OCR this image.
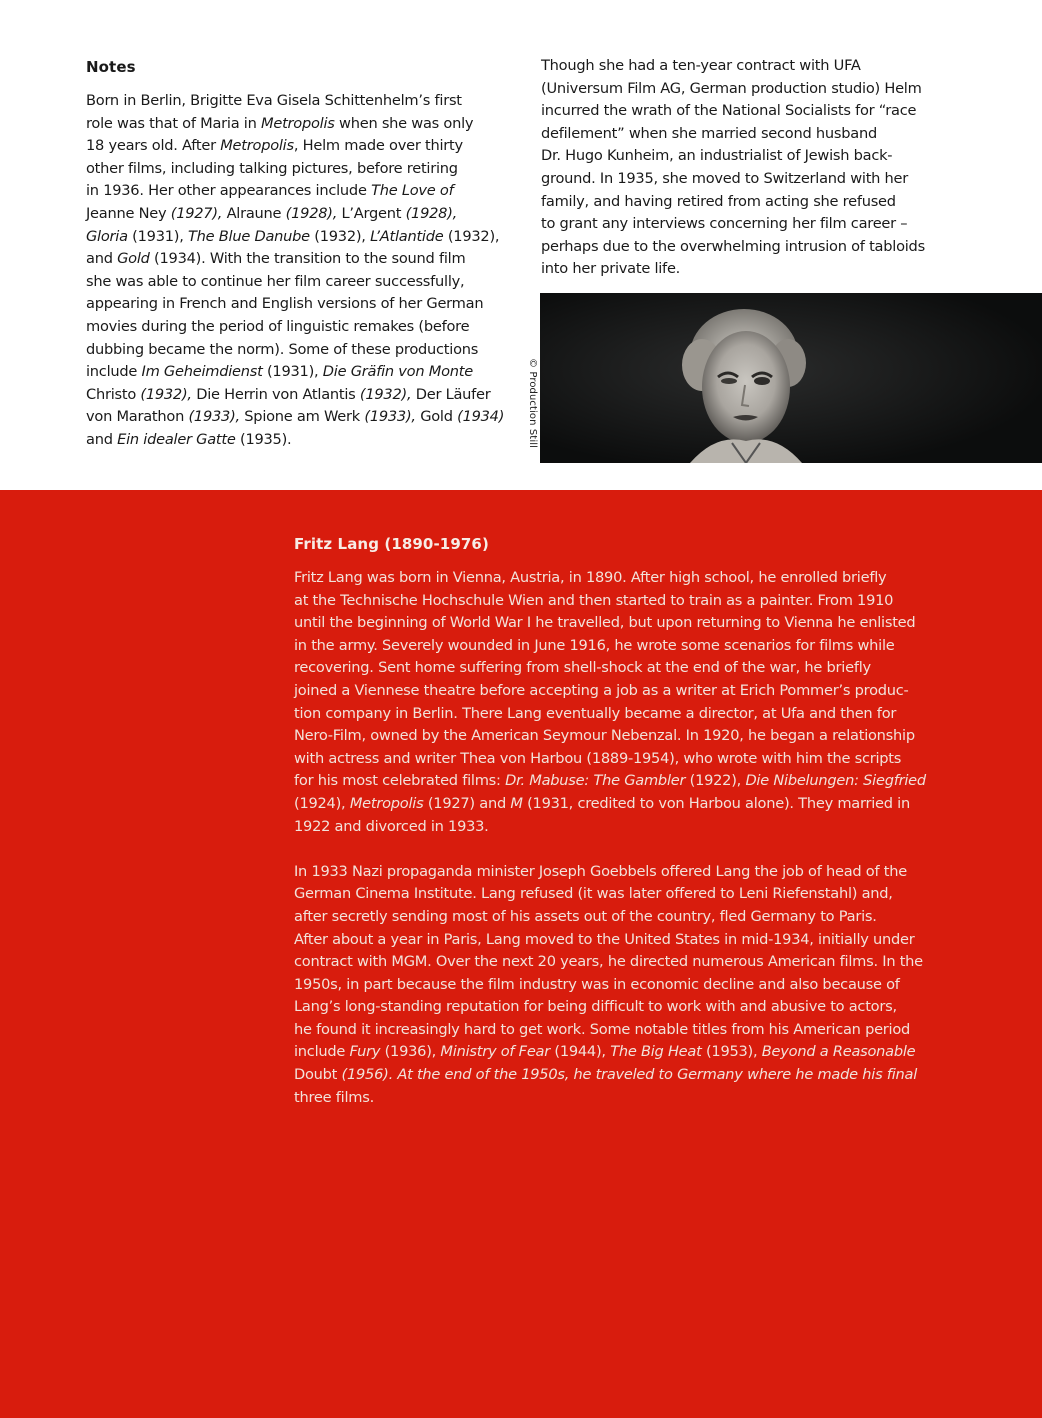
Notes

Born in Berlin, Brigitte Eva Gisela Schittenhelm’s first

role was that of Maria in Metropolis when she was only

18 years old. After Metropolis, Helm made over thirty

other films, including talking pictures, before retiring

in 1936. Her other appearances include The Love of

Jeanne Ney (1927), Alraune (1928), L’Argent (1928),

Gloria (1931), The Blue Danube (1932), L’Atlantide (1932),

and Gold (1934). With the transition to the sound film

she was able to continue her film career successfully,

appearing in French and English versions of her German

movies during the period of linguistic remakes (before

dubbing became the norm). Some of these productions

include Im Geheimdienst (1931), Die Gräfin von Monte

Christo (1932), Die Herrin von Atlantis (1932), Der Läufer

von Marathon (1933), Spione am Werk (1933), Gold (1934)

and Ein idealer Gatte (1935).

Though she had a ten-year contract with UFA

(Universum Film AG, German production studio) Helm

incurred the wrath of the National Socialists for “race

defilement” when she married second husband

Dr. Hugo Kunheim, an industrialist of Jewish back-

ground. In 1935, she moved to Switzerland with her

family, and having retired from acting she refused

to grant any interviews concerning her film career –

perhaps due to the overwhelming intrusion of tabloids

into her private life.

© Production Still
Fritz Lang (1890-1976)

Fritz Lang was born in Vienna, Austria, in 1890. After high school, he enrolled briefly

at the Technische Hochschule Wien and then started to train as a painter. From 1910

until the beginning of World War I he travelled, but upon returning to Vienna he enlisted

in the army. Severely wounded in June 1916, he wrote some scenarios for films while

recovering. Sent home suffering from shell-shock at the end of the war, he briefly

joined a Viennese theatre before accepting a job as a writer at Erich Pommer’s produc-

tion company in Berlin. There Lang eventually became a director, at Ufa and then for

Nero-Film, owned by the American Seymour Nebenzal. In 1920, he began a relationship

with actress and writer Thea von Harbou (1889-1954), who wrote with him the scripts

for his most celebrated films: Dr. Mabuse: The Gambler (1922), Die Nibelungen: Siegfried

(1924), Metropolis (1927) and M (1931, credited to von Harbou alone). They married in

1922 and divorced in 1933.

In 1933 Nazi propaganda minister Joseph Goebbels offered Lang the job of head of the

German Cinema Institute. Lang refused (it was later offered to Leni Riefenstahl) and,

after secretly sending most of his assets out of the country, fled Germany to Paris.

After about a year in Paris, Lang moved to the United States in mid-1934, initially under

contract with MGM. Over the next 20 years, he directed numerous American films. In the

1950s, in part because the film industry was in economic decline and also because of

Lang’s long-standing reputation for being difficult to work with and abusive to actors,

he found it increasingly hard to get work. Some notable titles from his American period

include Fury (1936), Ministry of Fear (1944), The Big Heat (1953), Beyond a Reasonable

Doubt (1956). At the end of the 1950s, he traveled to Germany where he made his final

three films.
